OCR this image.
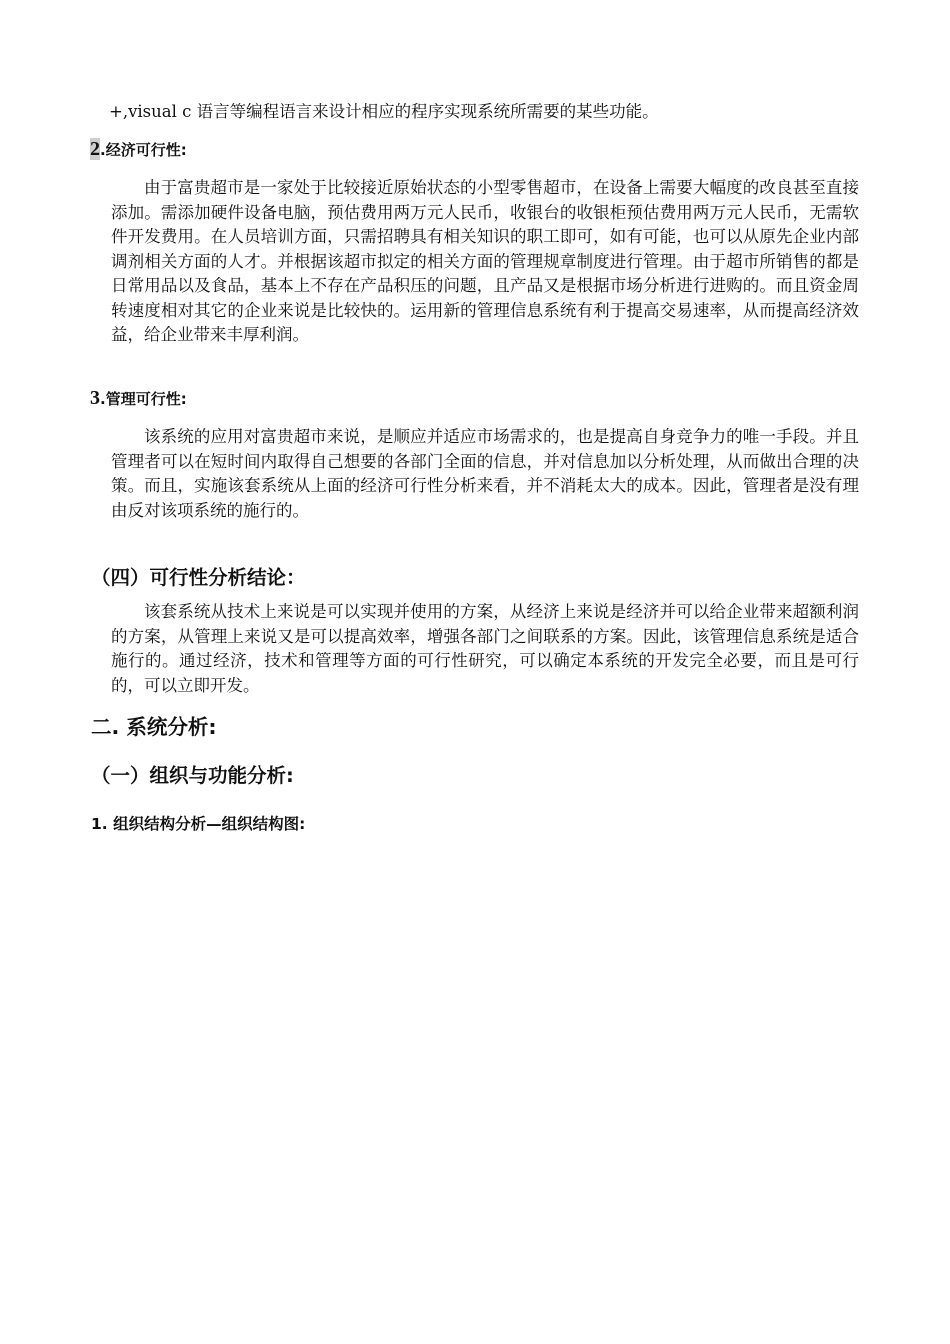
+,visual c 语言等编程语言来设计相应的程序实现系统所需要的某些功能。
2.经济可行性:

由于富贵超市是一家处于比较接近原始状态的小型零售超市，在设备上需要大幅度的改良甚至直接添加。需添加硬件设备电脑，预估费用两万元人民币，收银台的收银柜预估费用两万元人民币，无需软件开发费用。在人员培训方面，只需招聘具有相关知识的职工即可，如有可能，也可以从原先企业内部调剂相关方面的人才。并根据该超市拟定的相关方面的管理规章制度进行管理。由于超市所销售的都是日常用品以及食品，基本上不存在产品积压的问题，且产品又是根据市场分析进行进购的。而且资金周转速度相对其它的企业来说是比较快的。运用新的管理信息系统有利于提高交易速率，从而提高经济效益，给企业带来丰厚利润。

3.管理可行性:

该系统的应用对富贵超市来说，是顺应并适应市场需求的，也是提高自身竞争力的唯一手段。并且管理者可以在短时间内取得自己想要的各部门全面的信息，并对信息加以分析处理，从而做出合理的决策。而且，实施该套系统从上面的经济可行性分析来看，并不消耗太大的成本。因此，管理者是没有理由反对该项系统的施行的。

（四）可行性分析结论：

该套系统从技术上来说是可以实现并使用的方案，从经济上来说是经济并可以给企业带来超额利润的方案，从管理上来说又是可以提高效率，增强各部门之间联系的方案。因此，该管理信息系统是适合施行的。通过经济，技术和管理等方面的可行性研究，可以确定本系统的开发完全必要，而且是可行的，可以立即开发。

二. 系统分析:
（一）组织与功能分析:
1. 组织结构分析—组织结构图:
